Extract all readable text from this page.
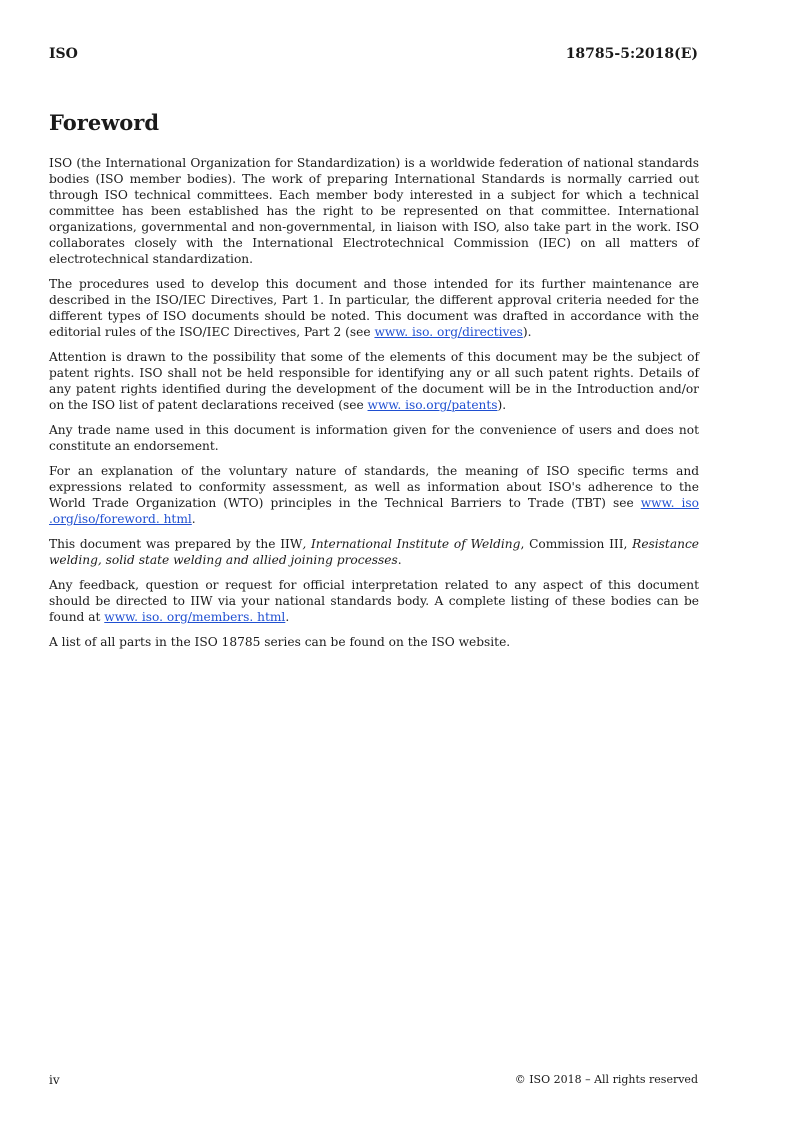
ISO	18785-5:2018(E)
Foreword

ISO (the International Organization for Standardization) is a worldwide federation of national standards bodies (ISO member bodies). The work of preparing International Standards is normally carried out through ISO technical committees. Each member body interested in a subject for which a technical committee has been established has the right to be represented on that committee. International organizations, governmental and non-governmental, in liaison with ISO, also take part in the work. ISO collaborates closely with the International Electrotechnical Commission (IEC) on all matters of electrotechnical standardization.

The procedures used to develop this document and those intended for its further maintenance are described in the ISO/IEC Directives, Part 1. In particular, the different approval criteria needed for the different types of ISO documents should be noted. This document was drafted in accordance with the editorial rules of the ISO/IEC Directives, Part 2 (see www. iso. org/directives).

Attention is drawn to the possibility that some of the elements of this document may be the subject of patent rights. ISO shall not be held responsible for identifying any or all such patent rights. Details of any patent rights identified during the development of the document will be in the Introduction and/or on the ISO list of patent declarations received (see www. iso.org/patents).

Any trade name used in this document is information given for the convenience of users and does not constitute an endorsement.

For an explanation of the voluntary nature of standards, the meaning of ISO specific terms and expressions related to conformity assessment, as well as information about ISO's adherence to the World Trade Organization (WTO) principles in the Technical Barriers to Trade (TBT) see www. iso .org/iso/foreword. html.

This document was prepared by the IIW, International Institute of Welding, Commission III, Resistance welding, solid state welding and allied joining processes.

Any feedback, question or request for official interpretation related to any aspect of this document should be directed to IIW via your national standards body. A complete listing of these bodies can be found at www. iso. org/members. html.

A list of all parts in the ISO 18785 series can be found on the ISO website.

iv	© ISO 2018 – All rights reserved
